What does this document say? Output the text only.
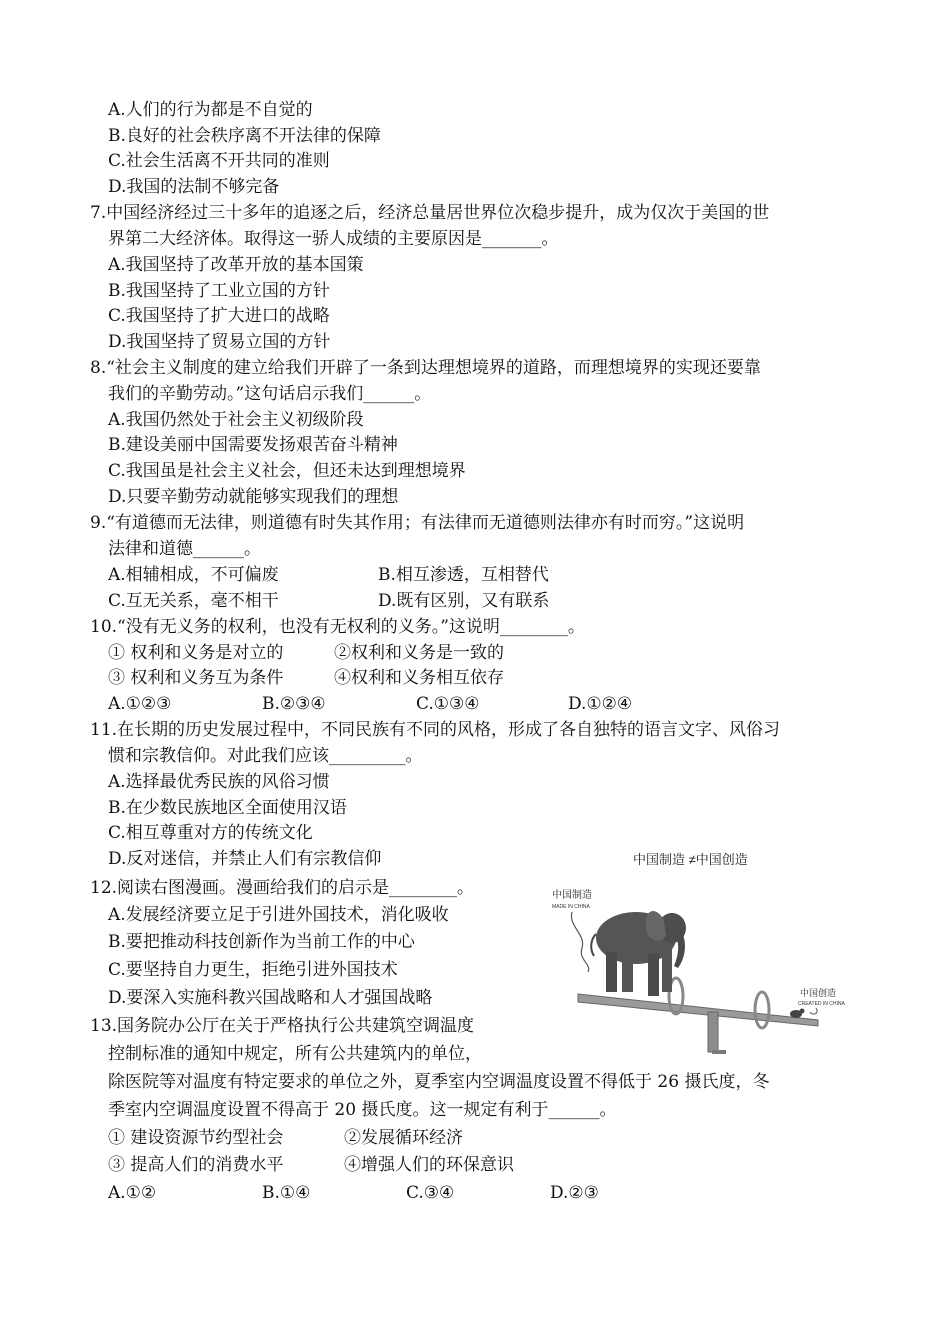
A.人们的行为都是不自觉的
B.良好的社会秩序离不开法律的保障
C.社会生活离不开共同的准则
D.我国的法制不够完备
7.中国经济经过三十多年的追逐之后，经济总量居世界位次稳步提升，成为仅次于美国的世
界第二大经济体。取得这一骄人成绩的主要原因是_______。
A.我国坚持了改革开放的基本国策
B.我国坚持了工业立国的方针
C.我国坚持了扩大进口的战略
D.我国坚持了贸易立国的方针
8.“社会主义制度的建立给我们开辟了一条到达理想境界的道路，而理想境界的实现还要靠
我们的辛勤劳动。”这句话启示我们______。
A.我国仍然处于社会主义初级阶段
B.建设美丽中国需要发扬艰苦奋斗精神
C.我国虽是社会主义社会，但还未达到理想境界
D.只要辛勤劳动就能够实现我们的理想
9.“有道德而无法律，则道德有时失其作用；有法律而无道德则法律亦有时而穷。”这说明
法律和道德______。
A.相辅相成，不可偏废	B.相互渗透，互相替代
C.互无关系，毫不相干	D.既有区别，又有联系
10.“没有无义务的权利，也没有无权利的义务。”这说明________。
① 权利和义务是对立的	②权利和义务是一致的
③ 权利和义务互为条件	④权利和义务相互依存
A.①②③	B.②③④	C.①③④	D.①②④
11.在长期的历史发展过程中，不同民族有不同的风格，形成了各自独特的语言文字、风俗习
惯和宗教信仰。对此我们应该_________。
A.选择最优秀民族的风俗习惯
B.在少数民族地区全面使用汉语
C.相互尊重对方的传统文化
D.反对迷信，并禁止人们有宗教信仰
12.阅读右图漫画。漫画给我们的启示是________。
A.发展经济要立足于引进外国技术，消化吸收
B.要把推动科技创新作为当前工作的中心
C.要坚持自力更生，拒绝引进外国技术
D.要深入实施科教兴国战略和人才强国战略
中国制造 ≠中国创造
中国制造
MADE IN CHINA
中国创造
CREATED IN CHINA
13.国务院办公厅在关于严格执行公共建筑空调温度
控制标准的通知中规定，所有公共建筑内的单位，
除医院等对温度有特定要求的单位之外，夏季室内空调温度设置不得低于 26 摄氏度，冬
季室内空调温度设置不得高于 20 摄氏度。这一规定有利于______。
① 建设资源节约型社会	②发展循环经济
③ 提高人们的消费水平	④增强人们的环保意识
A.①②	B.①④	C.③④	D.②③
